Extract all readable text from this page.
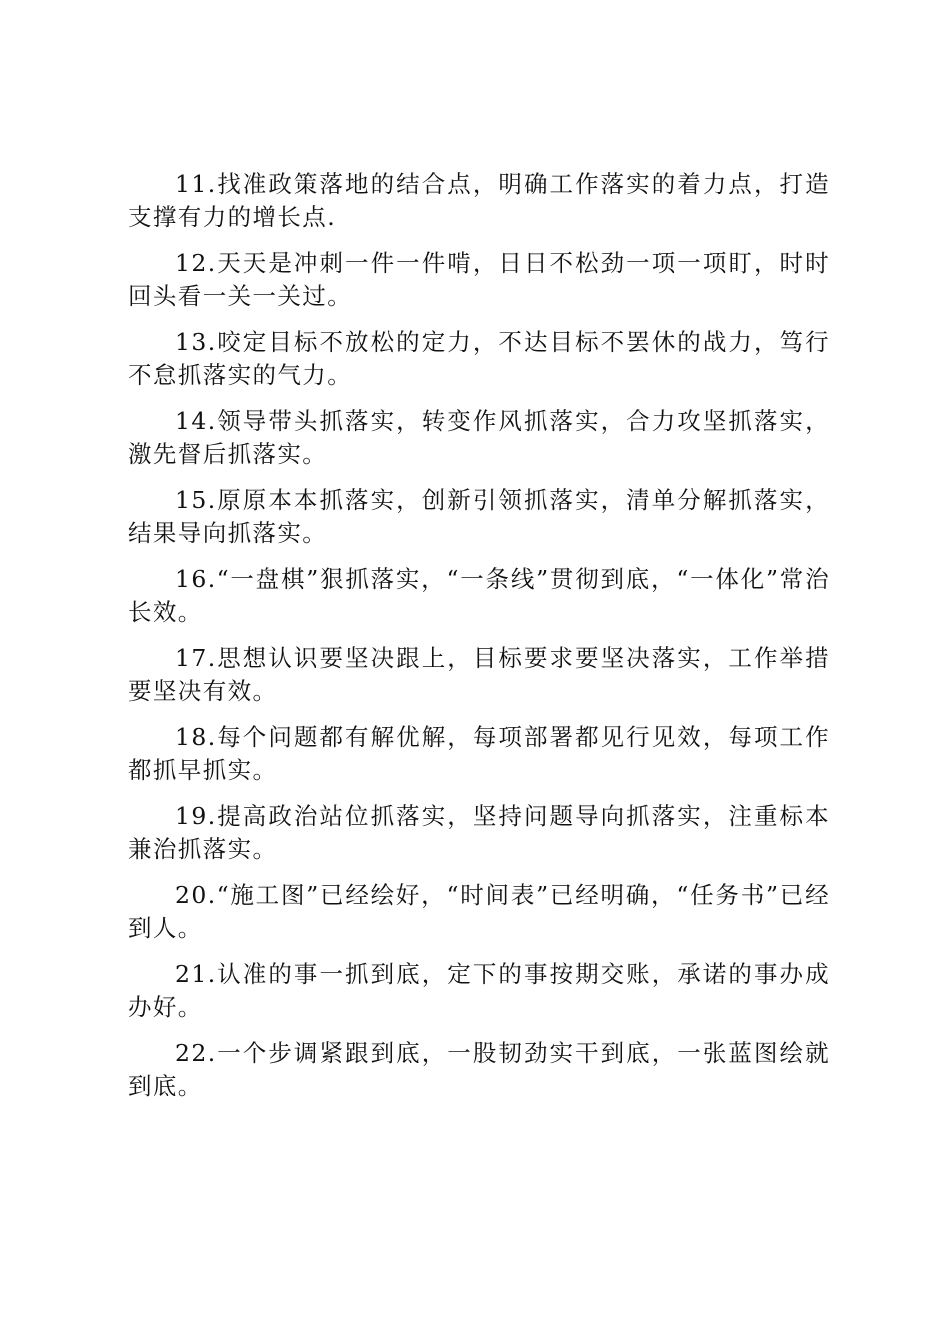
11.找准政策落地的结合点，明确工作落实的着力点，打造支撑有力的增长点.

12.天天是冲刺一件一件啃，日日不松劲一项一项盯，时时回头看一关一关过。

13.咬定目标不放松的定力，不达目标不罢休的战力，笃行不怠抓落实的气力。

14.领导带头抓落实，转变作风抓落实，合力攻坚抓落实，激先督后抓落实。

15.原原本本抓落实，创新引领抓落实，清单分解抓落实，结果导向抓落实。

16.“一盘棋”狠抓落实，“一条线”贯彻到底，“一体化”常治长效。

17.思想认识要坚决跟上，目标要求要坚决落实，工作举措要坚决有效。

18.每个问题都有解优解，每项部署都见行见效，每项工作都抓早抓实。

19.提高政治站位抓落实，坚持问题导向抓落实，注重标本兼治抓落实。

20.“施工图”已经绘好，“时间表”已经明确，“任务书”已经到人。

21.认准的事一抓到底，定下的事按期交账，承诺的事办成办好。

22.一个步调紧跟到底，一股韧劲实干到底，一张蓝图绘就到底。
